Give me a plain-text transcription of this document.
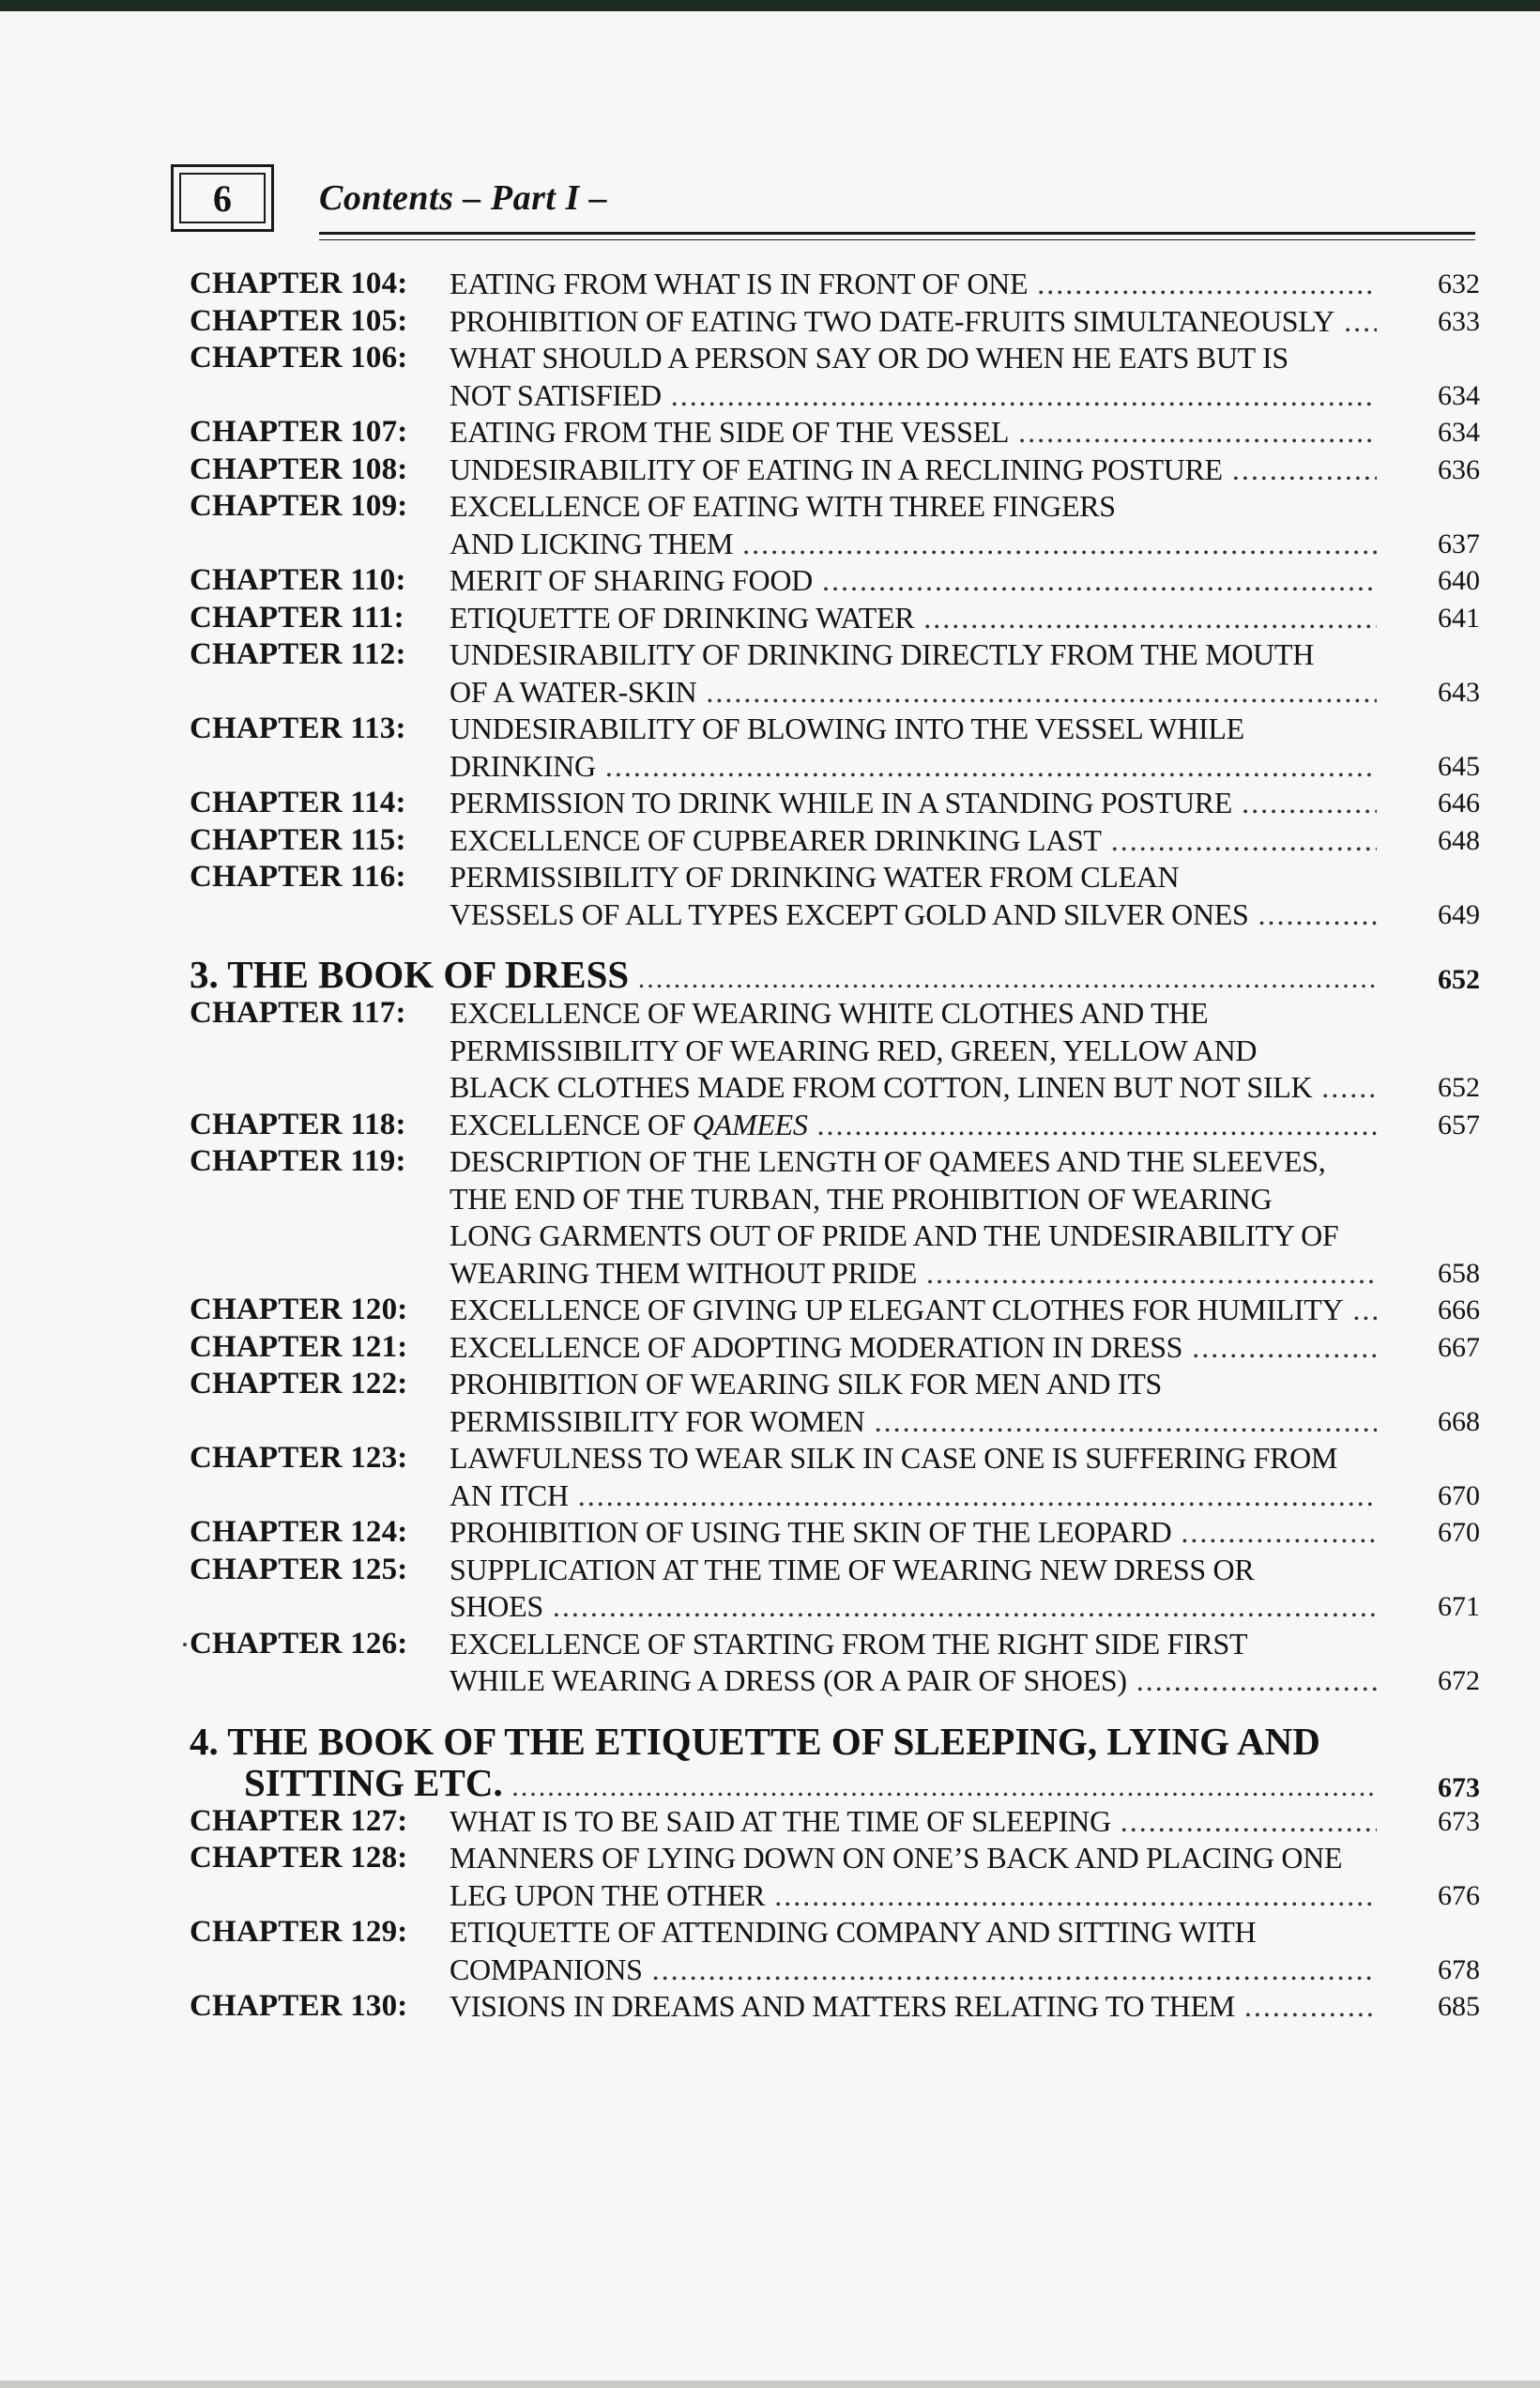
6	Contents – Part I –
CHAPTER 104: EATING FROM WHAT IS IN FRONT OF ONE .....	632
CHAPTER 105: PROHIBITION OF EATING TWO DATE-FRUITS SIMULTANEOUSLY .....	633
CHAPTER 106: WHAT SHOULD A PERSON SAY OR DO WHEN HE EATS BUT IS
NOT SATISFIED .....	634
CHAPTER 107: EATING FROM THE SIDE OF THE VESSEL .....	634
CHAPTER 108: UNDESIRABILITY OF EATING IN A RECLINING POSTURE .....	636
CHAPTER 109: EXCELLENCE OF EATING WITH THREE FINGERS
AND LICKING THEM .....	637
CHAPTER 110: MERIT OF SHARING FOOD .....	640
CHAPTER 111: ETIQUETTE OF DRINKING WATER .....	641
CHAPTER 112: UNDESIRABILITY OF DRINKING DIRECTLY FROM THE MOUTH
OF A WATER-SKIN .....	643
CHAPTER 113: UNDESIRABILITY OF BLOWING INTO THE VESSEL WHILE
DRINKING .....	645
CHAPTER 114: PERMISSION TO DRINK WHILE IN A STANDING POSTURE .....	646
CHAPTER 115: EXCELLENCE OF CUPBEARER DRINKING LAST .....	648
CHAPTER 116: PERMISSIBILITY OF DRINKING WATER FROM CLEAN
VESSELS OF ALL TYPES EXCEPT GOLD AND SILVER ONES .....	649
3. THE BOOK OF DRESS .....	652
CHAPTER 117: EXCELLENCE OF WEARING WHITE CLOTHES AND THE
PERMISSIBILITY OF WEARING RED, GREEN, YELLOW AND
BLACK CLOTHES MADE FROM COTTON, LINEN BUT NOT SILK .....	652
CHAPTER 118: EXCELLENCE OF QAMEES .....	657
CHAPTER 119: DESCRIPTION OF THE LENGTH OF QAMEES AND THE SLEEVES,
THE END OF THE TURBAN, THE PROHIBITION OF WEARING
LONG GARMENTS OUT OF PRIDE AND THE UNDESIRABILITY OF
WEARING THEM WITHOUT PRIDE .....	658
CHAPTER 120: EXCELLENCE OF GIVING UP ELEGANT CLOTHES FOR HUMILITY .....	666
CHAPTER 121: EXCELLENCE OF ADOPTING MODERATION IN DRESS .....	667
CHAPTER 122: PROHIBITION OF WEARING SILK FOR MEN AND ITS
PERMISSIBILITY FOR WOMEN .....	668
CHAPTER 123: LAWFULNESS TO WEAR SILK IN CASE ONE IS SUFFERING FROM
AN ITCH .....	670
CHAPTER 124: PROHIBITION OF USING THE SKIN OF THE LEOPARD .....	670
CHAPTER 125: SUPPLICATION AT THE TIME OF WEARING NEW DRESS OR
SHOES .....	671
CHAPTER 126: EXCELLENCE OF STARTING FROM THE RIGHT SIDE FIRST
WHILE WEARING A DRESS (OR A PAIR OF SHOES) .....	672
4. THE BOOK OF THE ETIQUETTE OF SLEEPING, LYING AND
SITTING ETC. .....	673
CHAPTER 127: WHAT IS TO BE SAID AT THE TIME OF SLEEPING .....	673
CHAPTER 128: MANNERS OF LYING DOWN ON ONE’S BACK AND PLACING ONE
LEG UPON THE OTHER .....	676
CHAPTER 129: ETIQUETTE OF ATTENDING COMPANY AND SITTING WITH
COMPANIONS .....	678
CHAPTER 130: VISIONS IN DREAMS AND MATTERS RELATING TO THEM .....	685
